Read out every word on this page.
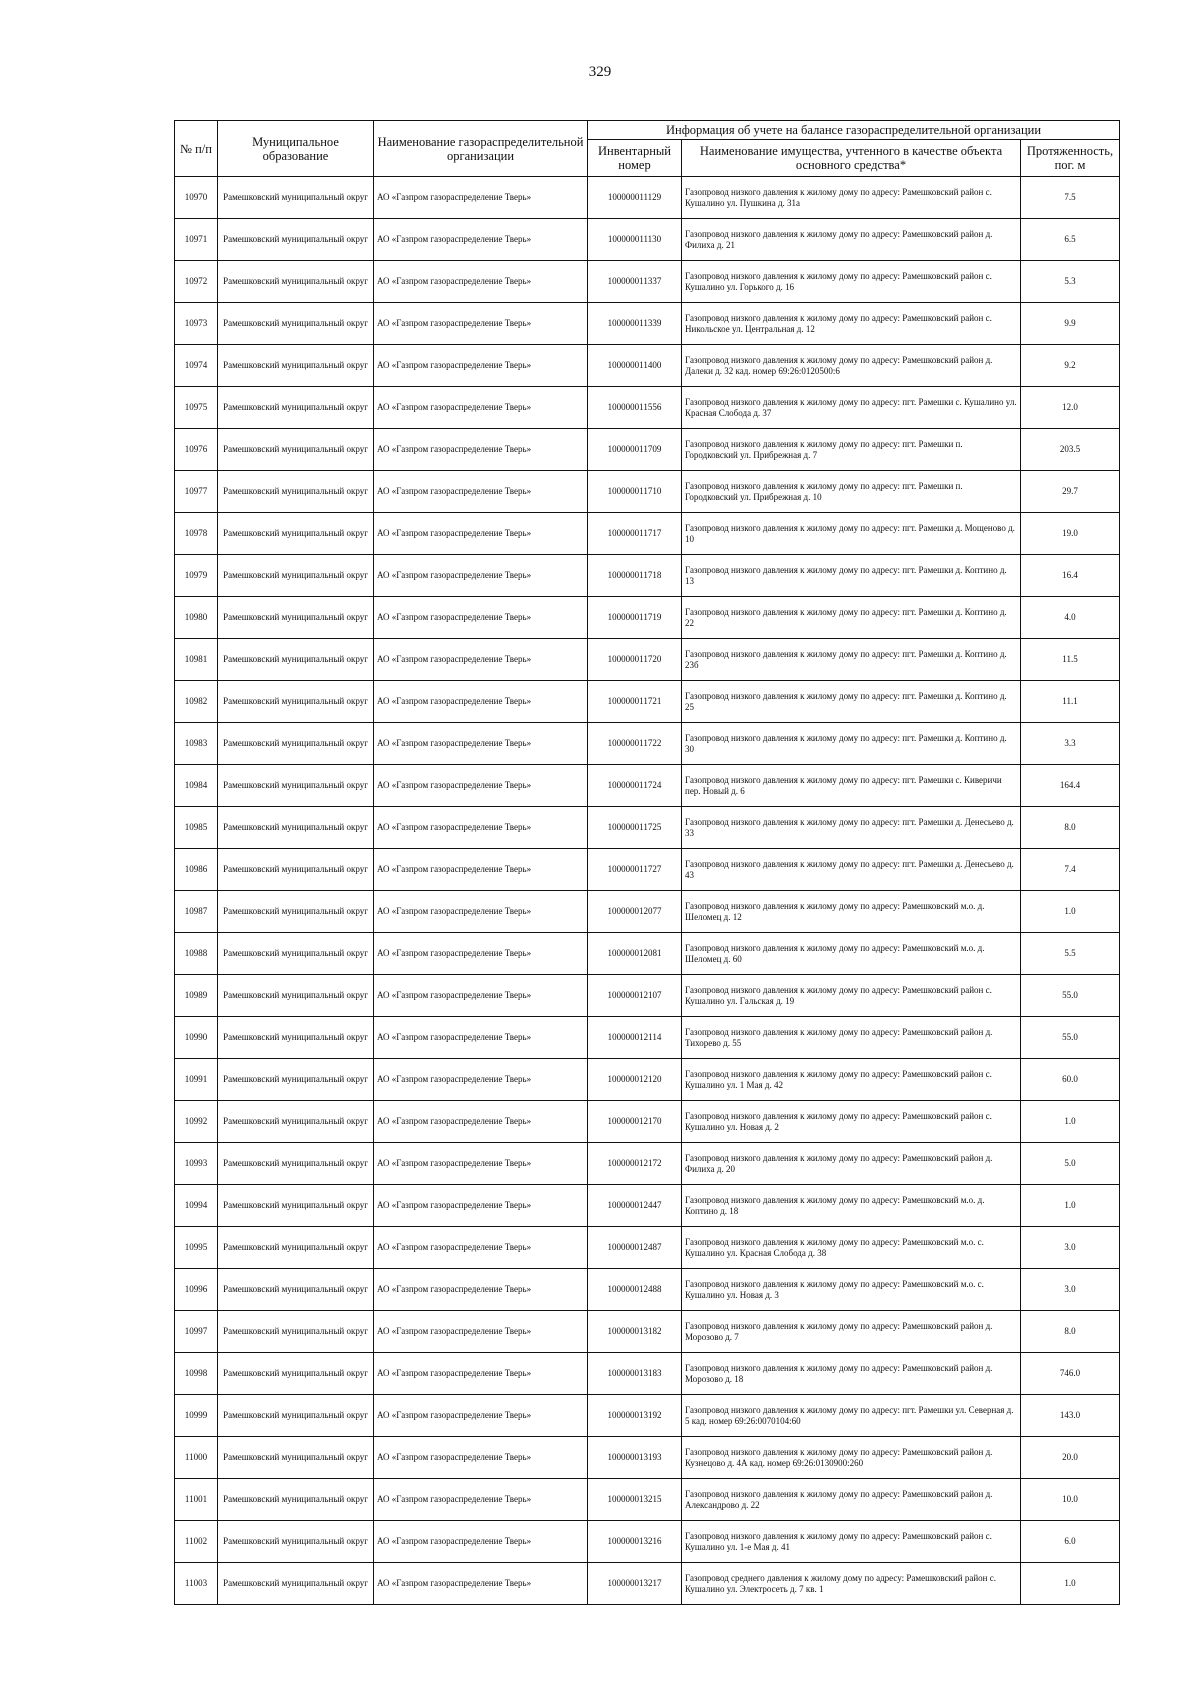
329
№ п/п	Муниципальное образование	Наименование газораспределительной организации	Информация об учете на балансе газораспределительной организации		
			Инвентарный номер	Наименование имущества, учтенного в качестве объекта основного средства*	Протяженность, пог. м
10970	Рамешковский муниципальный округ	АО «Газпром газораспределение Тверь»	100000011129	Газопровод низкого давления к жилому дому по адресу: Рамешковский район с. Кушалино ул. Пушкина д. 31а	7.5
10971	Рамешковский муниципальный округ	АО «Газпром газораспределение Тверь»	100000011130	Газопровод низкого давления к жилому дому по адресу: Рамешковский район д. Филиха д. 21	6.5
10972	Рамешковский муниципальный округ	АО «Газпром газораспределение Тверь»	100000011337	Газопровод низкого давления к жилому дому по адресу: Рамешковский район с. Кушалино ул. Горького д. 16	5.3
10973	Рамешковский муниципальный округ	АО «Газпром газораспределение Тверь»	100000011339	Газопровод низкого давления к жилому дому по адресу: Рамешковский район с. Никольское ул. Центральная д. 12	9.9
10974	Рамешковский муниципальный округ	АО «Газпром газораспределение Тверь»	100000011400	Газопровод низкого давления к жилому дому по адресу: Рамешковский район д. Далеки д. 32 кад. номер 69:26:0120500:6	9.2
10975	Рамешковский муниципальный округ	АО «Газпром газораспределение Тверь»	100000011556	Газопровод низкого давления к жилому дому по адресу: пгт. Рамешки с. Кушалино ул. Красная Слобода д. 37	12.0
10976	Рамешковский муниципальный округ	АО «Газпром газораспределение Тверь»	100000011709	Газопровод низкого давления к жилому дому по адресу: пгт. Рамешки п. Городковский ул. Прибрежная д. 7	203.5
10977	Рамешковский муниципальный округ	АО «Газпром газораспределение Тверь»	100000011710	Газопровод низкого давления к жилому дому по адресу: пгт. Рамешки п. Городковский ул. Прибрежная д. 10	29.7
10978	Рамешковский муниципальный округ	АО «Газпром газораспределение Тверь»	100000011717	Газопровод низкого давления к жилому дому по адресу: пгт. Рамешки д. Мощеново д. 10	19.0
10979	Рамешковский муниципальный округ	АО «Газпром газораспределение Тверь»	100000011718	Газопровод низкого давления к жилому дому по адресу: пгт. Рамешки д. Коптино д. 13	16.4
10980	Рамешковский муниципальный округ	АО «Газпром газораспределение Тверь»	100000011719	Газопровод низкого давления к жилому дому по адресу: пгт. Рамешки д. Коптино д. 22	4.0
10981	Рамешковский муниципальный округ	АО «Газпром газораспределение Тверь»	100000011720	Газопровод низкого давления к жилому дому по адресу: пгт. Рамешки д. Коптино д. 23б	11.5
10982	Рамешковский муниципальный округ	АО «Газпром газораспределение Тверь»	100000011721	Газопровод низкого давления к жилому дому по адресу: пгт. Рамешки д. Коптино д. 25	11.1
10983	Рамешковский муниципальный округ	АО «Газпром газораспределение Тверь»	100000011722	Газопровод низкого давления к жилому дому по адресу: пгт. Рамешки д. Коптино д. 30	3.3
10984	Рамешковский муниципальный округ	АО «Газпром газораспределение Тверь»	100000011724	Газопровод низкого давления к жилому дому по адресу: пгт. Рамешки с. Киверичи пер. Новый д. 6	164.4
10985	Рамешковский муниципальный округ	АО «Газпром газораспределение Тверь»	100000011725	Газопровод низкого давления к жилому дому по адресу: пгт. Рамешки д. Денесьево д. 33	8.0
10986	Рамешковский муниципальный округ	АО «Газпром газораспределение Тверь»	100000011727	Газопровод низкого давления к жилому дому по адресу: пгт. Рамешки д. Денесьево д. 43	7.4
10987	Рамешковский муниципальный округ	АО «Газпром газораспределение Тверь»	100000012077	Газопровод низкого давления к жилому дому по адресу: Рамешковский м.о. д. Шеломец д. 12	1.0
10988	Рамешковский муниципальный округ	АО «Газпром газораспределение Тверь»	100000012081	Газопровод низкого давления к жилому дому по адресу: Рамешковский м.о. д. Шеломец д. 60	5.5
10989	Рамешковский муниципальный округ	АО «Газпром газораспределение Тверь»	100000012107	Газопровод низкого давления к жилому дому по адресу: Рамешковский район с. Кушалино ул. Гальская д. 19	55.0
10990	Рамешковский муниципальный округ	АО «Газпром газораспределение Тверь»	100000012114	Газопровод низкого давления к жилому дому по адресу: Рамешковский район д. Тихорево д. 55	55.0
10991	Рамешковский муниципальный округ	АО «Газпром газораспределение Тверь»	100000012120	Газопровод низкого давления к жилому дому по адресу: Рамешковский район с. Кушалино ул. 1 Мая д. 42	60.0
10992	Рамешковский муниципальный округ	АО «Газпром газораспределение Тверь»	100000012170	Газопровод низкого давления к жилому дому по адресу: Рамешковский район с. Кушалино ул. Новая д. 2	1.0
10993	Рамешковский муниципальный округ	АО «Газпром газораспределение Тверь»	100000012172	Газопровод низкого давления к жилому дому по адресу: Рамешковский район д. Филиха д. 20	5.0
10994	Рамешковский муниципальный округ	АО «Газпром газораспределение Тверь»	100000012447	Газопровод низкого давления к жилому дому по адресу: Рамешковский м.о. д. Коптино д. 18	1.0
10995	Рамешковский муниципальный округ	АО «Газпром газораспределение Тверь»	100000012487	Газопровод низкого давления к жилому дому по адресу: Рамешковский м.о. с. Кушалино ул. Красная Слобода д. 38	3.0
10996	Рамешковский муниципальный округ	АО «Газпром газораспределение Тверь»	100000012488	Газопровод низкого давления к жилому дому по адресу: Рамешковский м.о. с. Кушалино ул. Новая д. 3	3.0
10997	Рамешковский муниципальный округ	АО «Газпром газораспределение Тверь»	100000013182	Газопровод низкого давления к жилому дому по адресу: Рамешковский район д. Морозово д. 7	8.0
10998	Рамешковский муниципальный округ	АО «Газпром газораспределение Тверь»	100000013183	Газопровод низкого давления к жилому дому по адресу: Рамешковский район д. Морозово д. 18	746.0
10999	Рамешковский муниципальный округ	АО «Газпром газораспределение Тверь»	100000013192	Газопровод низкого давления к жилому дому по адресу: пгт. Рамешки ул. Северная д. 5 кад. номер 69:26:0070104:60	143.0
11000	Рамешковский муниципальный округ	АО «Газпром газораспределение Тверь»	100000013193	Газопровод низкого давления к жилому дому по адресу: Рамешковский район д. Кузнецово д. 4А кад. номер 69:26:0130900:260	20.0
11001	Рамешковский муниципальный округ	АО «Газпром газораспределение Тверь»	100000013215	Газопровод низкого давления к жилому дому по адресу: Рамешковский район д. Александрово д. 22	10.0
11002	Рамешковский муниципальный округ	АО «Газпром газораспределение Тверь»	100000013216	Газопровод низкого давления к жилому дому по адресу: Рамешковский район с. Кушалино ул. 1-е Мая д. 41	6.0
11003	Рамешковский муниципальный округ	АО «Газпром газораспределение Тверь»	100000013217	Газопровод среднего давления к жилому дому по адресу: Рамешковский район с. Кушалино ул. Электросеть д. 7 кв. 1	1.0
